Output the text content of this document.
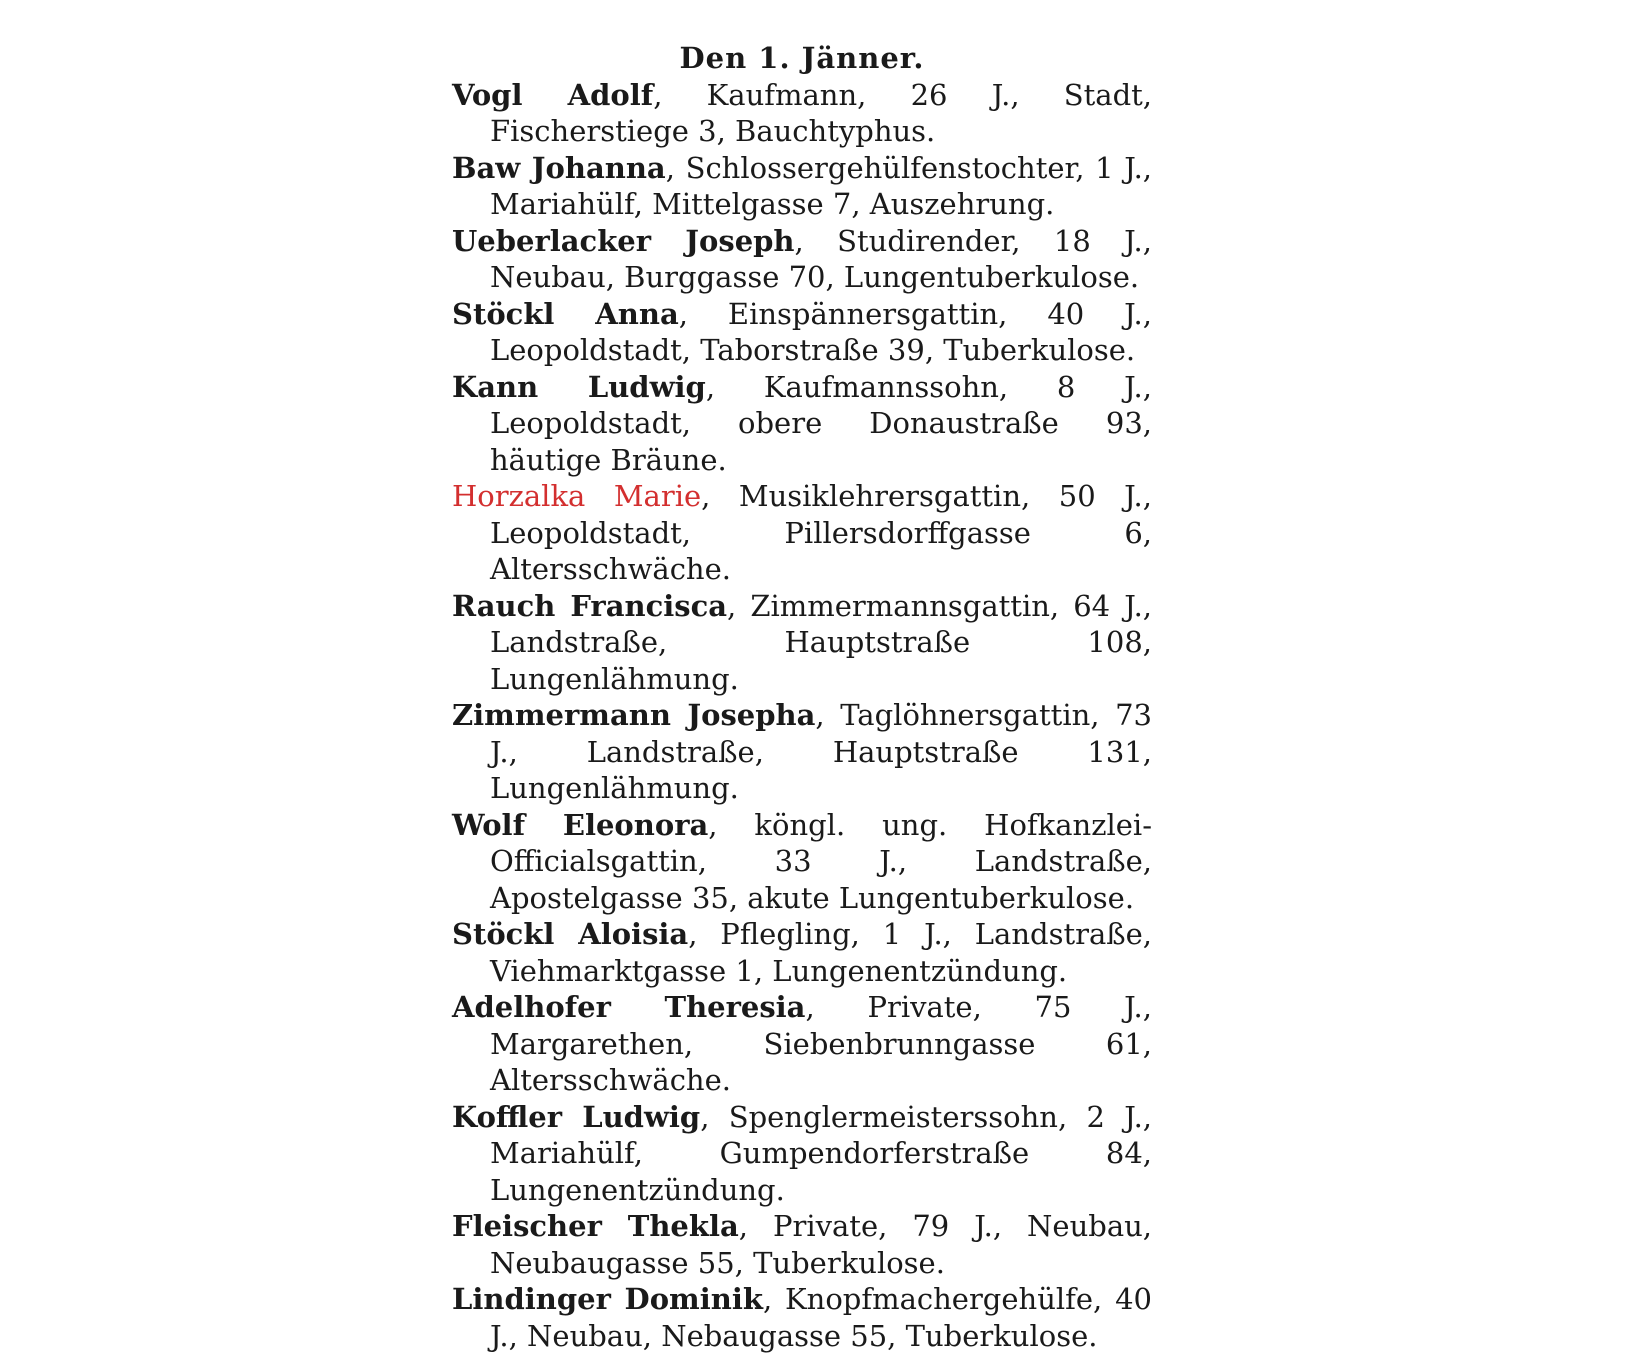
Den 1. Jänner.

Vogl Adolf, Kaufmann, 26 J., Stadt, Fischerstiege 3, Bauchtyphus.

Baw Johanna, Schlossergehülfenstochter, 1 J., Mariahülf, Mittelgasse 7, Auszehrung.

Ueberlacker Joseph, Studirender, 18 J., Neubau, Burggasse 70, Lungentuberkulose.

Stöckl Anna, Einspännersgattin, 40 J., Leopoldstadt, Taborstraße 39, Tuberkulose.

Kann Ludwig, Kaufmannssohn, 8 J., Leopoldstadt, obere Donaustraße 93, häutige Bräune.

Horzalka Marie, Musiklehrersgattin, 50 J., Leopoldstadt, Pillersdorffgasse 6, Altersschwäche.

Rauch Francisca, Zimmermannsgattin, 64 J., Landstraße, Hauptstraße 108, Lungenlähmung.

Zimmermann Josepha, Taglöhnersgattin, 73 J., Landstraße, Hauptstraße 131, Lungenlähmung.

Wolf Eleonora, köngl. ung. Hofkanzlei-Officialsgattin, 33 J., Landstraße, Apostelgasse 35, akute Lungentuberkulose.

Stöckl Aloisia, Pflegling, 1 J., Landstraße, Viehmarktgasse 1, Lungenentzündung.

Adelhofer Theresia, Private, 75 J., Margarethen, Siebenbrunngasse 61, Altersschwäche.

Koffler Ludwig, Spenglermeisterssohn, 2 J., Mariahülf, Gumpendorferstraße 84, Lungenentzündung.

Fleischer Thekla, Private, 79 J., Neubau, Neubaugasse 55, Tuberkulose.

Lindinger Dominik, Knopfmachergehülfe, 40 J., Neubau, Nebaugasse 55, Tuberkulose.
